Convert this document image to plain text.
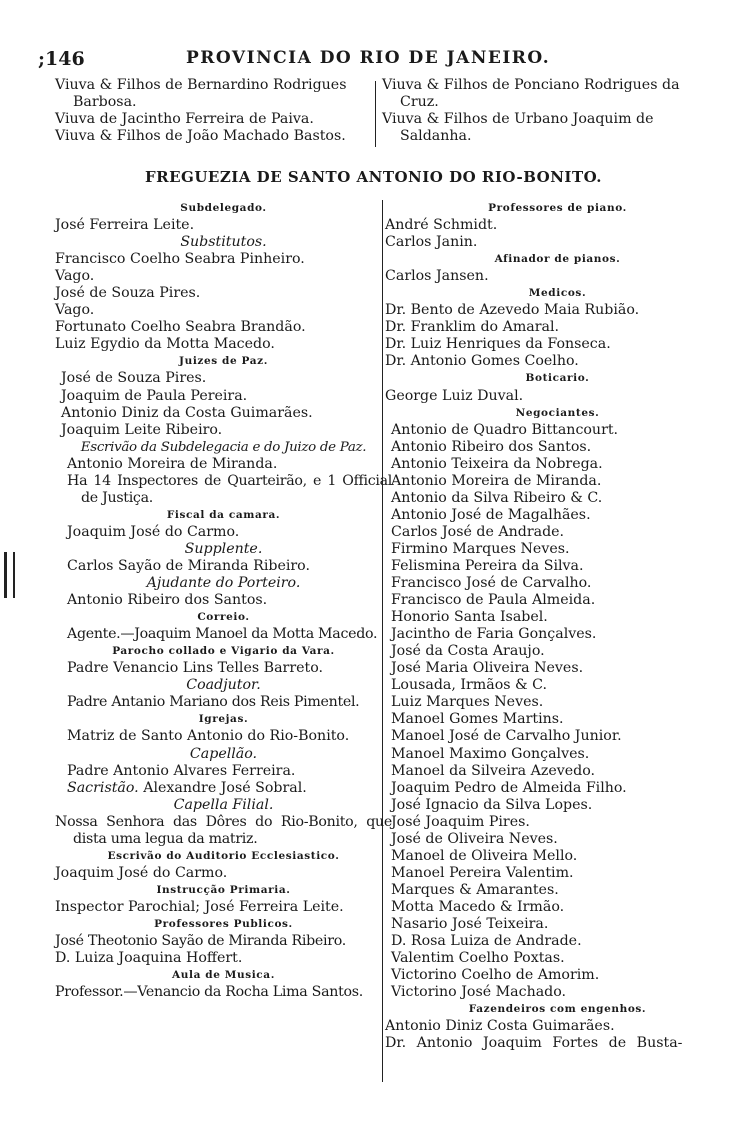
;146	PROVINCIA DO RIO DE JANEIRO.
Viuva & Filhos de Bernardino Rodrigues
Barbosa.
Viuva de Jacintho Ferreira de Paiva.
Viuva & Filhos de João Machado Bastos.
Viuva & Filhos de Ponciano Rodrigues da
Cruz.
Viuva & Filhos de Urbano Joaquim de
Saldanha.
FREGUEZIA DE SANTO ANTONIO DO RIO-BONITO.
Subdelegado.
José Ferreira Leite.
Substitutos.
Francisco Coelho Seabra Pinheiro.
Vago.
José de Souza Pires.
Vago.
Fortunato Coelho Seabra Brandão.
Luiz Egydio da Motta Macedo.
Juizes de Paz.
José de Souza Pires.
Joaquim de Paula Pereira.
Antonio Diniz da Costa Guimarães.
Joaquim Leite Ribeiro.
Escrivão da Subdelegacia e do Juizo de Paz.
Antonio Moreira de Miranda.
Ha 14 Inspectores de Quarteirão, e 1 Official de Justiça.
Fiscal da camara.
Joaquim José do Carmo.
Supplente.
Carlos Sayão de Miranda Ribeiro.
Ajudante do Porteiro.
Antonio Ribeiro dos Santos.
Correio.
Agente.—Joaquim Manoel da Motta Macedo.
Parocho collado e Vigario da Vara.
Padre Venancio Lins Telles Barreto.
Coadjutor.
Padre Antanio Mariano dos Reis Pimentel.
Igrejas.
Matriz de Santo Antonio do Rio-Bonito.
Capellão.
Padre Antonio Alvares Ferreira.
Sacristão. Alexandre José Sobral.
Capella Filial.
Nossa Senhora das Dôres do Rio-Bonito, que dista uma legua da matriz.
Escrivão do Auditorio Ecclesiastico.
Joaquim José do Carmo.
Instrucção Primaria.
Inspector Parochial; José Ferreira Leite.
Professores Publicos.
José Theotonio Sayão de Miranda Ribeiro.
D. Luiza Joaquina Hoffert.
Aula de Musica.
Professor.—Venancio da Rocha Lima Santos.
Professores de piano.
André Schmidt.
Carlos Janin.
Afinador de pianos.
Carlos Jansen.
Medicos.
Dr. Bento de Azevedo Maia Rubião.
Dr. Franklim do Amaral.
Dr. Luiz Henriques da Fonseca.
Dr. Antonio Gomes Coelho.
Boticario.
George Luiz Duval.
Negociantes.
Antonio de Quadro Bittancourt.
Antonio Ribeiro dos Santos.
Antonio Teixeira da Nobrega.
Antonio Moreira de Miranda.
Antonio da Silva Ribeiro & C.
Antonio José de Magalhães.
Carlos José de Andrade.
Firmino Marques Neves.
Felismina Pereira da Silva.
Francisco José de Carvalho.
Francisco de Paula Almeida.
Honorio Santa Isabel.
Jacintho de Faria Gonçalves.
José da Costa Araujo.
José Maria Oliveira Neves.
Lousada, Irmãos & C.
Luiz Marques Neves.
Manoel Gomes Martins.
Manoel José de Carvalho Junior.
Manoel Maximo Gonçalves.
Manoel da Silveira Azevedo.
Joaquim Pedro de Almeida Filho.
José Ignacio da Silva Lopes.
José Joaquim Pires.
José de Oliveira Neves.
Manoel de Oliveira Mello.
Manoel Pereira Valentim.
Marques & Amarantes.
Motta Macedo & Irmão.
Nasario José Teixeira.
D. Rosa Luiza de Andrade.
Valentim Coelho Poxtas.
Victorino Coelho de Amorim.
Victorino José Machado.
Fazendeiros com engenhos.
Antonio Diniz Costa Guimarães.
Dr. Antonio Joaquim Fortes de Busta-
